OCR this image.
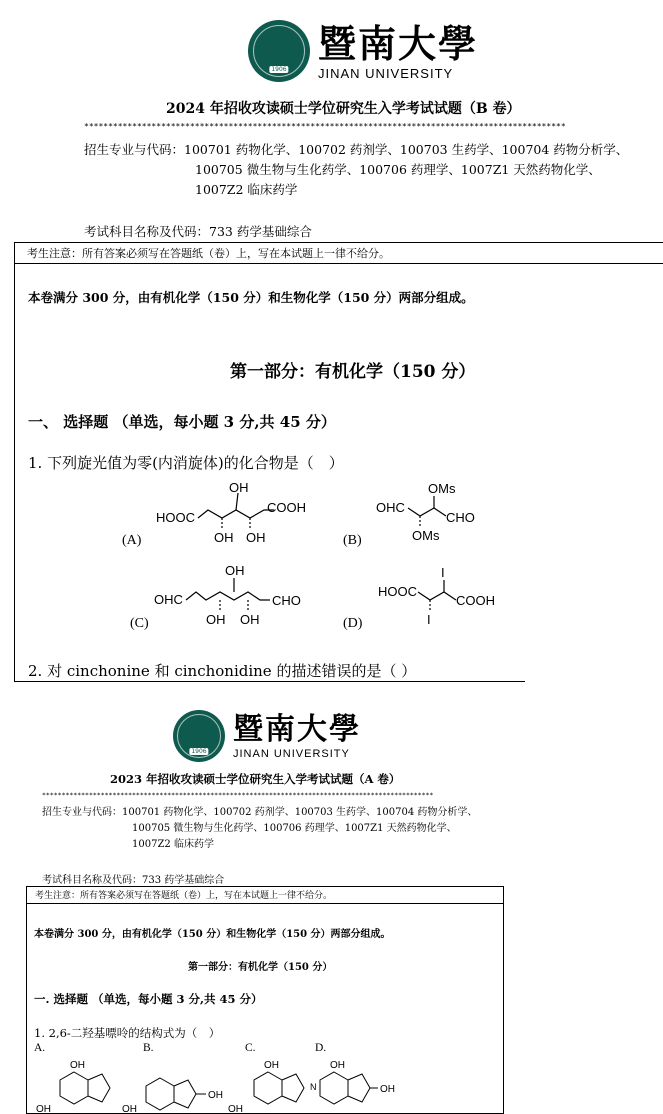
1906
暨南大學
JINAN UNIVERSITY
2024 年招收攻读硕士学位研究生入学考试试题（B 卷）
****************************************************************************************************
招生专业与代码：100701 药物化学、100702 药剂学、100703 生药学、100704 药物分析学、
100705 微生物与生化药学、100706 药理学、1007Z1 天然药物化学、
1007Z2 临床药学
考试科目名称及代码：733 药学基础综合
考生注意：所有答案必须写在答题纸（卷）上，写在本试题上一律不给分。
本卷满分 300 分，由有机化学（150 分）和生物化学（150 分）两部分组成。
第一部分：有机化学（150 分）
一、 选择题 （单选，每小题 3 分,共 45 分）
1. 下列旋光值为零(内消旋体)的化合物是（　）
HOOC
OH
OH OH
COOH
(A)
OHC
OMs
OMs
CHO
(B)
OHC
OH
OH OH
CHO
(C)
HOOC
I
I
COOH
(D)
2. 对 cinchonine 和 cinchonidine 的描述错误的是（ ）
1906
暨南大學
JINAN UNIVERSITY
2023 年招收攻读硕士学位研究生入学考试试题（A 卷）
****************************************************************************************************
招生专业与代码：100701 药物化学、100702 药剂学、100703 生药学、100704 药物分析学、
100705 微生物与生化药学、100706 药理学、1007Z1 天然药物化学、
1007Z2 临床药学
考试科目名称及代码：733 药学基础综合
考生注意：所有答案必须写在答题纸（卷）上，写在本试题上一律不给分。
本卷满分 300 分，由有机化学（150 分）和生物化学（150 分）两部分组成。
第一部分：有机化学（150 分）
一. 选择题 （单选，每小题 3 分,共 45 分）
1. 2,6-二羟基嘌呤的结构式为（　）
A.	B.	C.	D.
OH
OH
OH
OH
OH
OH
OH
OH
N
